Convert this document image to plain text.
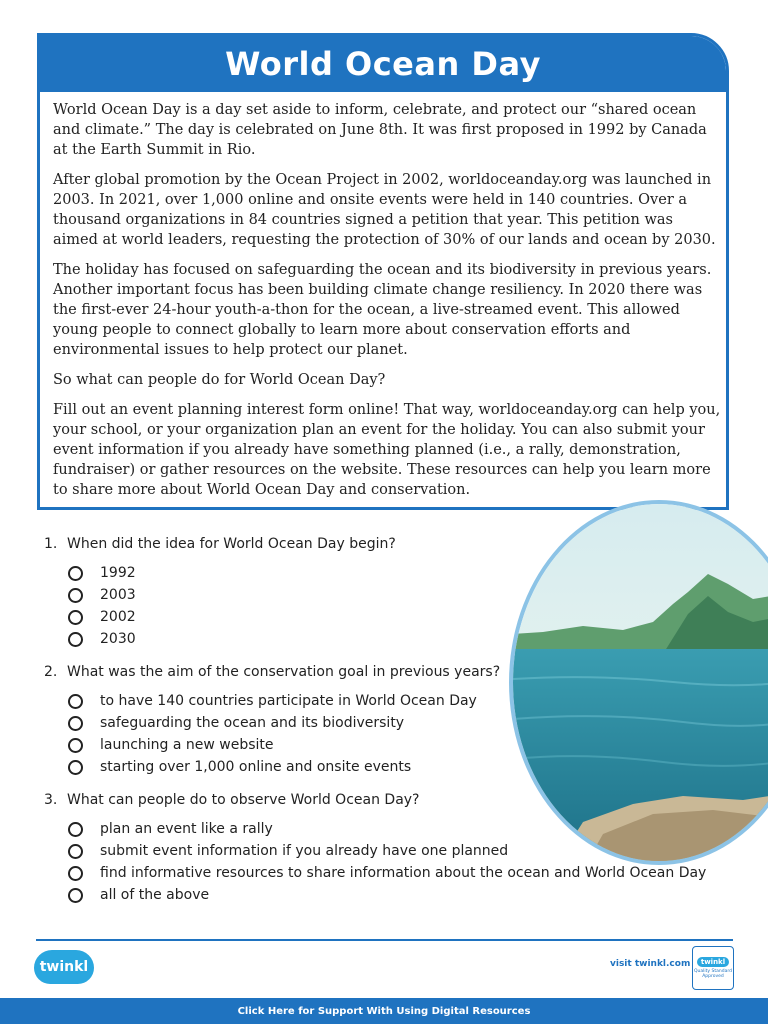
World Ocean Day

World Ocean Day is a day set aside to inform, celebrate, and protect our “shared ocean and climate.” The day is celebrated on June 8th. It was first proposed in 1992 by Canada at the Earth Summit in Rio.

After global promotion by the Ocean Project in 2002, worldoceanday.org was launched in 2003. In 2021, over 1,000 online and onsite events were held in 140 countries. Over a thousand organizations in 84 countries signed a petition that year. This petition was aimed at world leaders, requesting the protection of 30% of our lands and ocean by 2030.

The holiday has focused on safeguarding the ocean and its biodiversity in previous years. Another important focus has been building climate change resiliency. In 2020 there was the first-ever 24-hour youth-a-thon for the ocean, a live-streamed event. This allowed young people to connect globally to learn more about conservation efforts and environmental issues to help protect our planet.

So what can people do for World Ocean Day?

Fill out an event planning interest form online! That way, worldoceanday.org can help you, your school, or your organization plan an event for the holiday. You can also submit your event information if you already have something planned (i.e., a rally, demonstration, fundraiser) or gather resources on the website. These resources can help you learn more to share more about World Ocean Day and conservation.

1. When did the idea for World Ocean Day begin?
1992
2003
2002
2030
2. What was the aim of the conservation goal in previous years?
to have 140 countries participate in World Ocean Day
safeguarding the ocean and its biodiversity
launching a new website
starting over 1,000 online and onsite events
3. What can people do to observe World Ocean Day?
plan an event like a rally
submit event information if you already have one planned
find informative resources to share information about the ocean and World Ocean Day
all of the above
twinkl	visit twinkl.com	twinkl
Quality Standard Approved
Click Here for Support With Using Digital Resources
